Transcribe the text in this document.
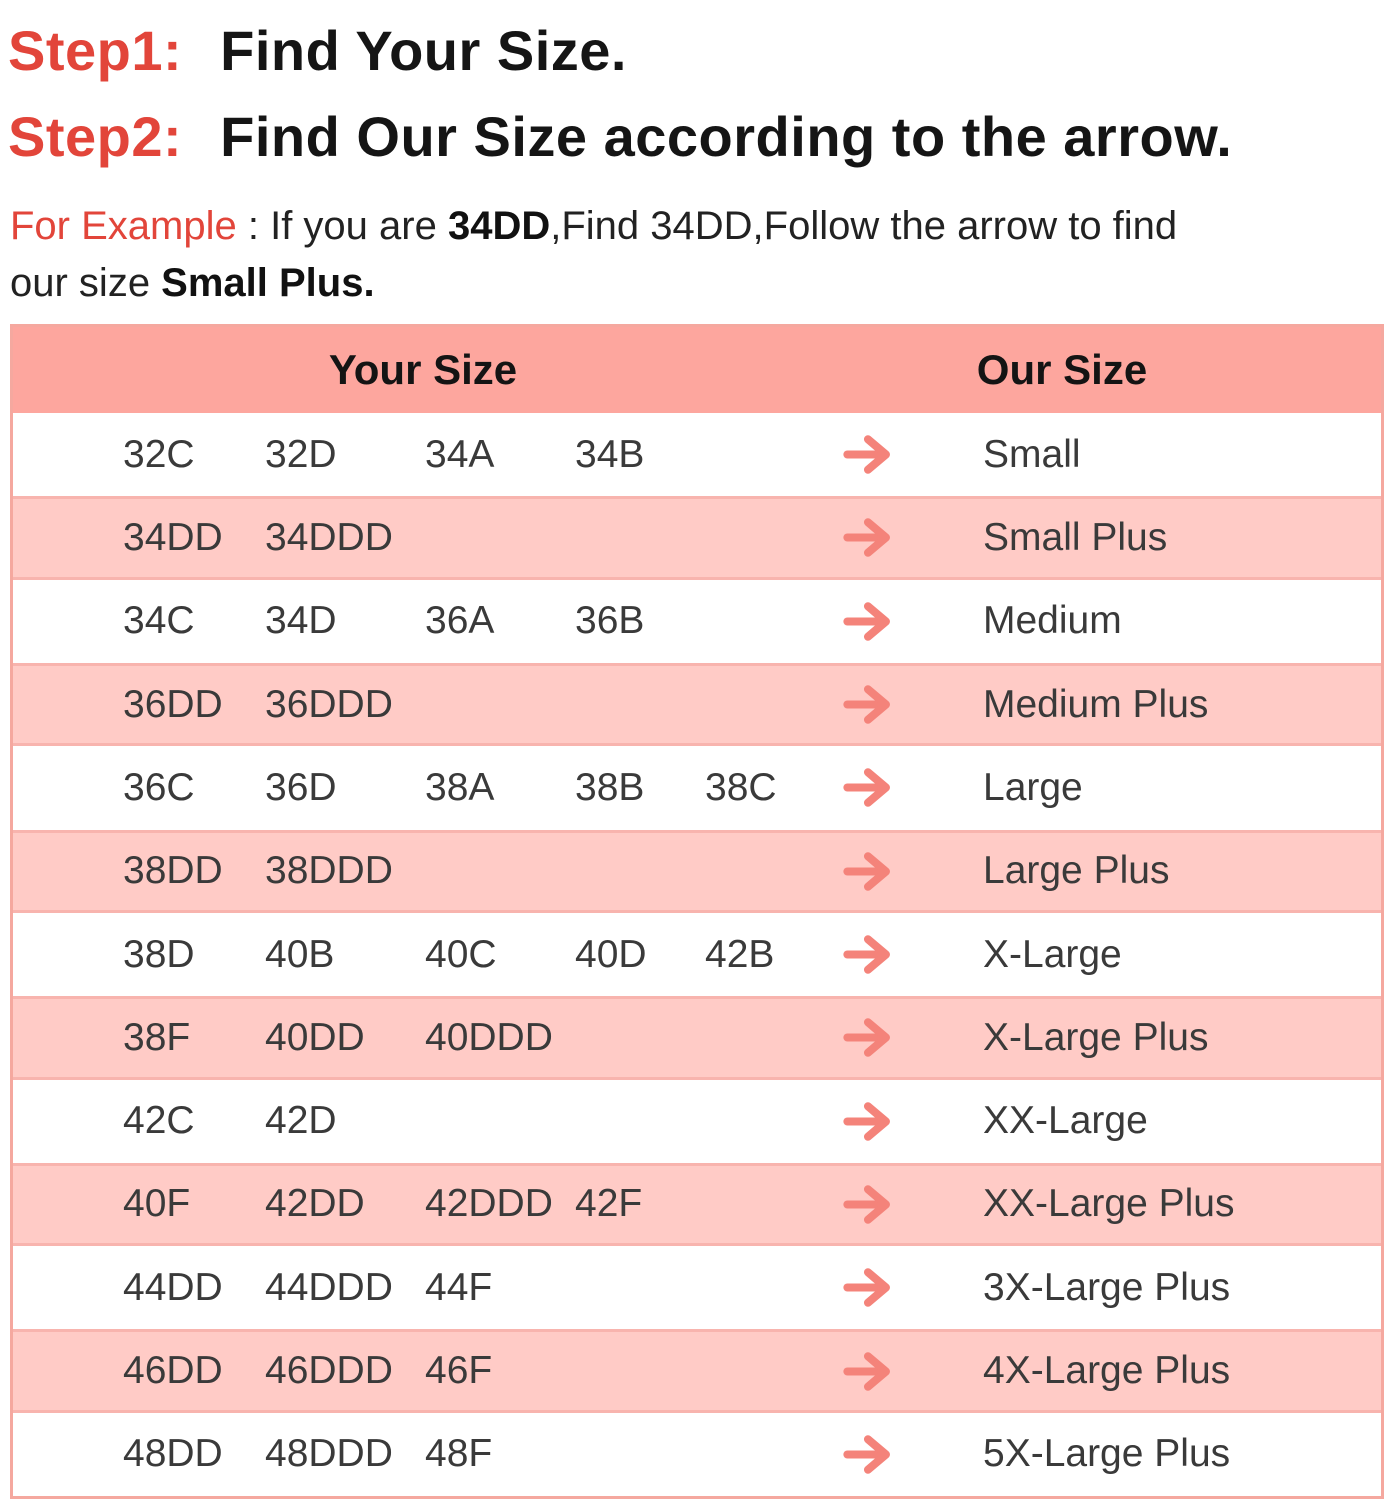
Step1: Find Your Size.
Step2: Find Our Size according to the arrow.
For Example : If you are 34DD,Find 34DD,Follow the arrow to find
our size Small Plus.
Your Size	Our Size
32C	32D	34A	34B	Small
34DD	34DDD	Small Plus
34C	34D	36A	36B	Medium
36DD	36DDD	Medium Plus
36C	36D	38A	38B	38C	Large
38DD	38DDD	Large Plus
38D	40B	40C	40D	42B	X-Large
38F	40DD	40DDD	X-Large Plus
42C	42D	XX-Large
40F	42DD	42DDD 42F	XX-Large Plus
44DD	44DDD 44F	3X-Large Plus
46DD	46DDD 46F	4X-Large Plus
48DD	48DDD 48F	5X-Large Plus
